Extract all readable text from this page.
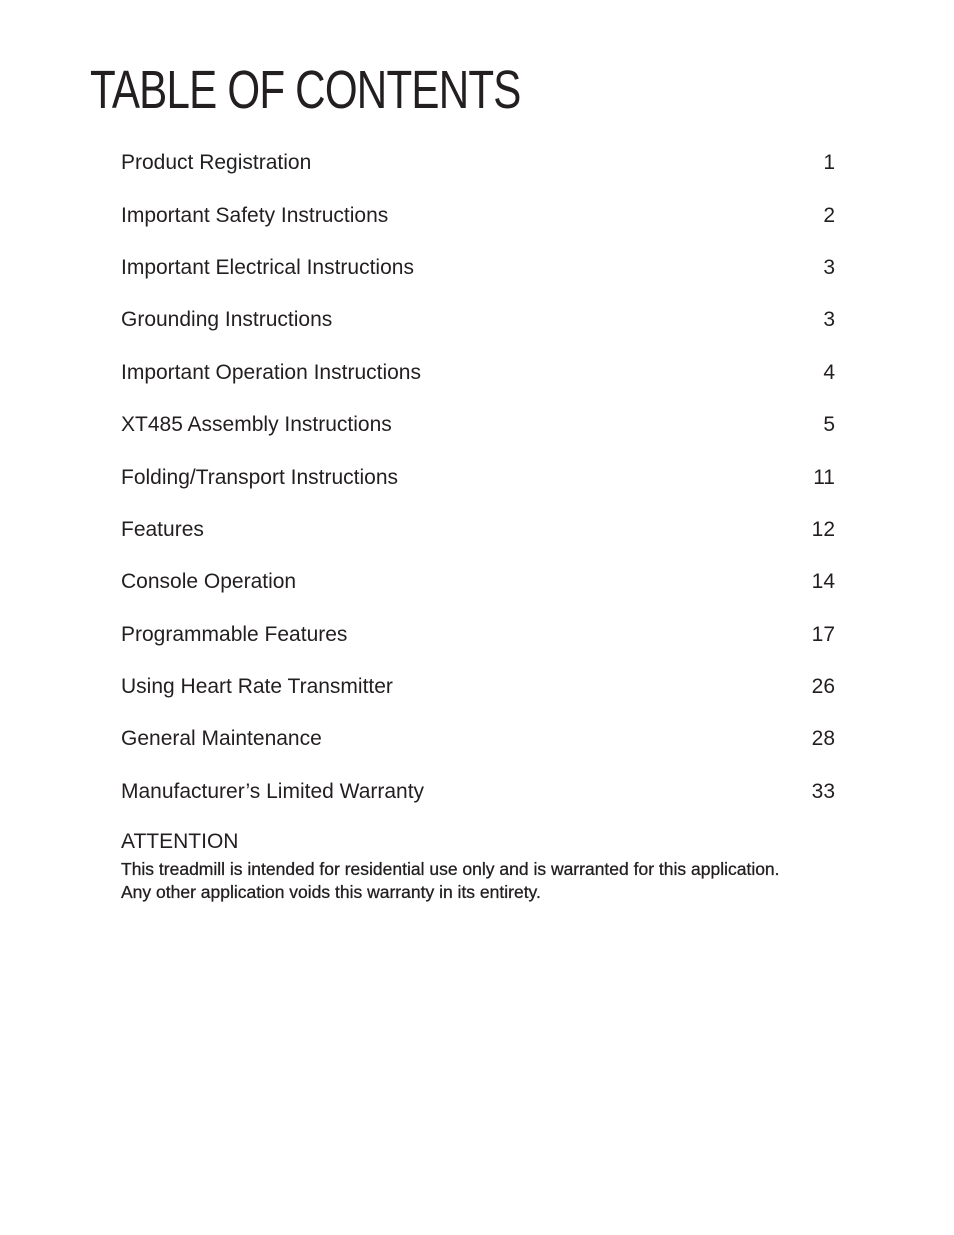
TABLE OF CONTENTS
Product Registration	1
Important Safety Instructions	2
Important Electrical Instructions	3
Grounding Instructions	3
Important Operation Instructions	4
XT485 Assembly Instructions	5
Folding/Transport Instructions	11
Features	12
Console Operation	14
Programmable Features	17
Using Heart Rate Transmitter	26
General Maintenance	28
Manufacturer’s Limited Warranty	33
ATTENTION

This treadmill is intended for residential use only and is warranted for this application.
Any other application voids this warranty in its entirety.
